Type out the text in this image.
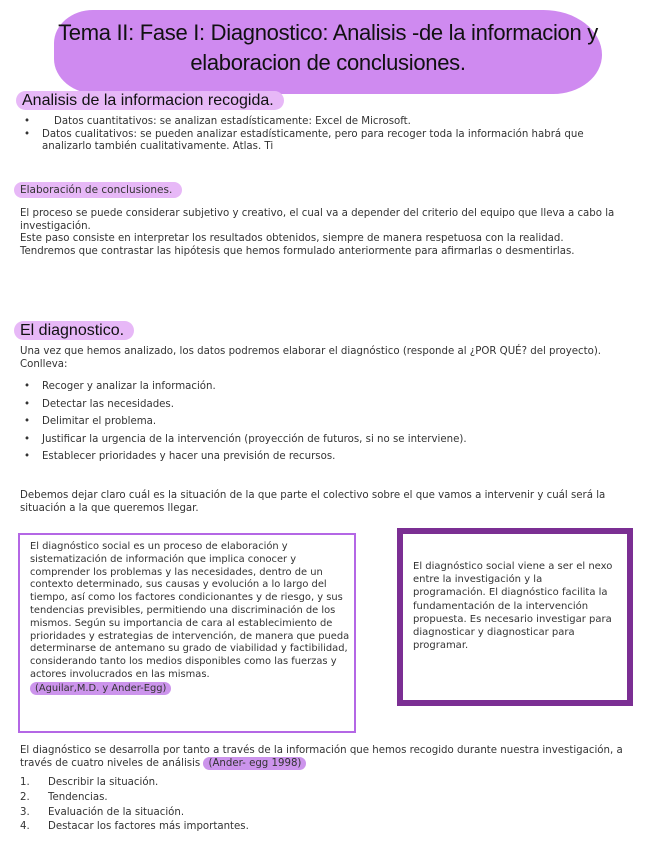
Tema II: Fase I: Diagnostico: Analisis -de la informacion y
elaboracion de conclusiones.
Analisis de la informacion recogida.
• Datos cuantitativos: se analizan estadísticamente: Excel de Microsoft.
• Datos cualitativos: se pueden analizar estadísticamente, pero para recoger toda la información habrá que analizarlo también cualitativamente. Atlas. Ti
Elaboración de conclusiones.
El proceso se puede considerar subjetivo y creativo, el cual va a depender del criterio del equipo que lleva a cabo la investigación.
Este paso consiste en interpretar los resultados obtenidos, siempre de manera respetuosa con la realidad.
Tendremos que contrastar las hipótesis que hemos formulado anteriormente para afirmarlas o desmentirlas.
El diagnostico.
Una vez que hemos analizado, los datos podremos elaborar el diagnóstico (responde al ¿POR QUÉ? del proyecto). Conlleva:
• Recoger y analizar la información.
• Detectar las necesidades.
• Delimitar el problema.
• Justificar la urgencia de la intervención (proyección de futuros, si no se interviene).
• Establecer prioridades y hacer una previsión de recursos.
Debemos dejar claro cuál es la situación de la que parte el colectivo sobre el que vamos a intervenir y cuál será la situación a la que queremos llegar.
El diagnóstico social es un proceso de elaboración y sistematización de información que implica conocer y comprender los problemas y las necesidades, dentro de un contexto determinado, sus causas y evolución a lo largo del tiempo, así como los factores condicionantes y de riesgo, y sus tendencias previsibles, permitiendo una discriminación de los mismos. Según su importancia de cara al establecimiento de prioridades y estrategias de intervención, de manera que pueda determinarse de antemano su grado de viabilidad y factibilidad, considerando tanto los medios disponibles como las fuerzas y actores involucrados en las mismas.
(Aguilar,M.D. y Ander-Egg)
El diagnóstico social viene a ser el nexo entre la investigación y la programación. El diagnóstico facilita la fundamentación de la intervención propuesta. Es necesario investigar para diagnosticar y diagnosticar para programar.
El diagnóstico se desarrolla por tanto a través de la información que hemos recogido durante nuestra investigación, a través de cuatro niveles de análisis (Ander- egg 1998)
1. Describir la situación.
2. Tendencias.
3. Evaluación de la situación.
4. Destacar los factores más importantes.
